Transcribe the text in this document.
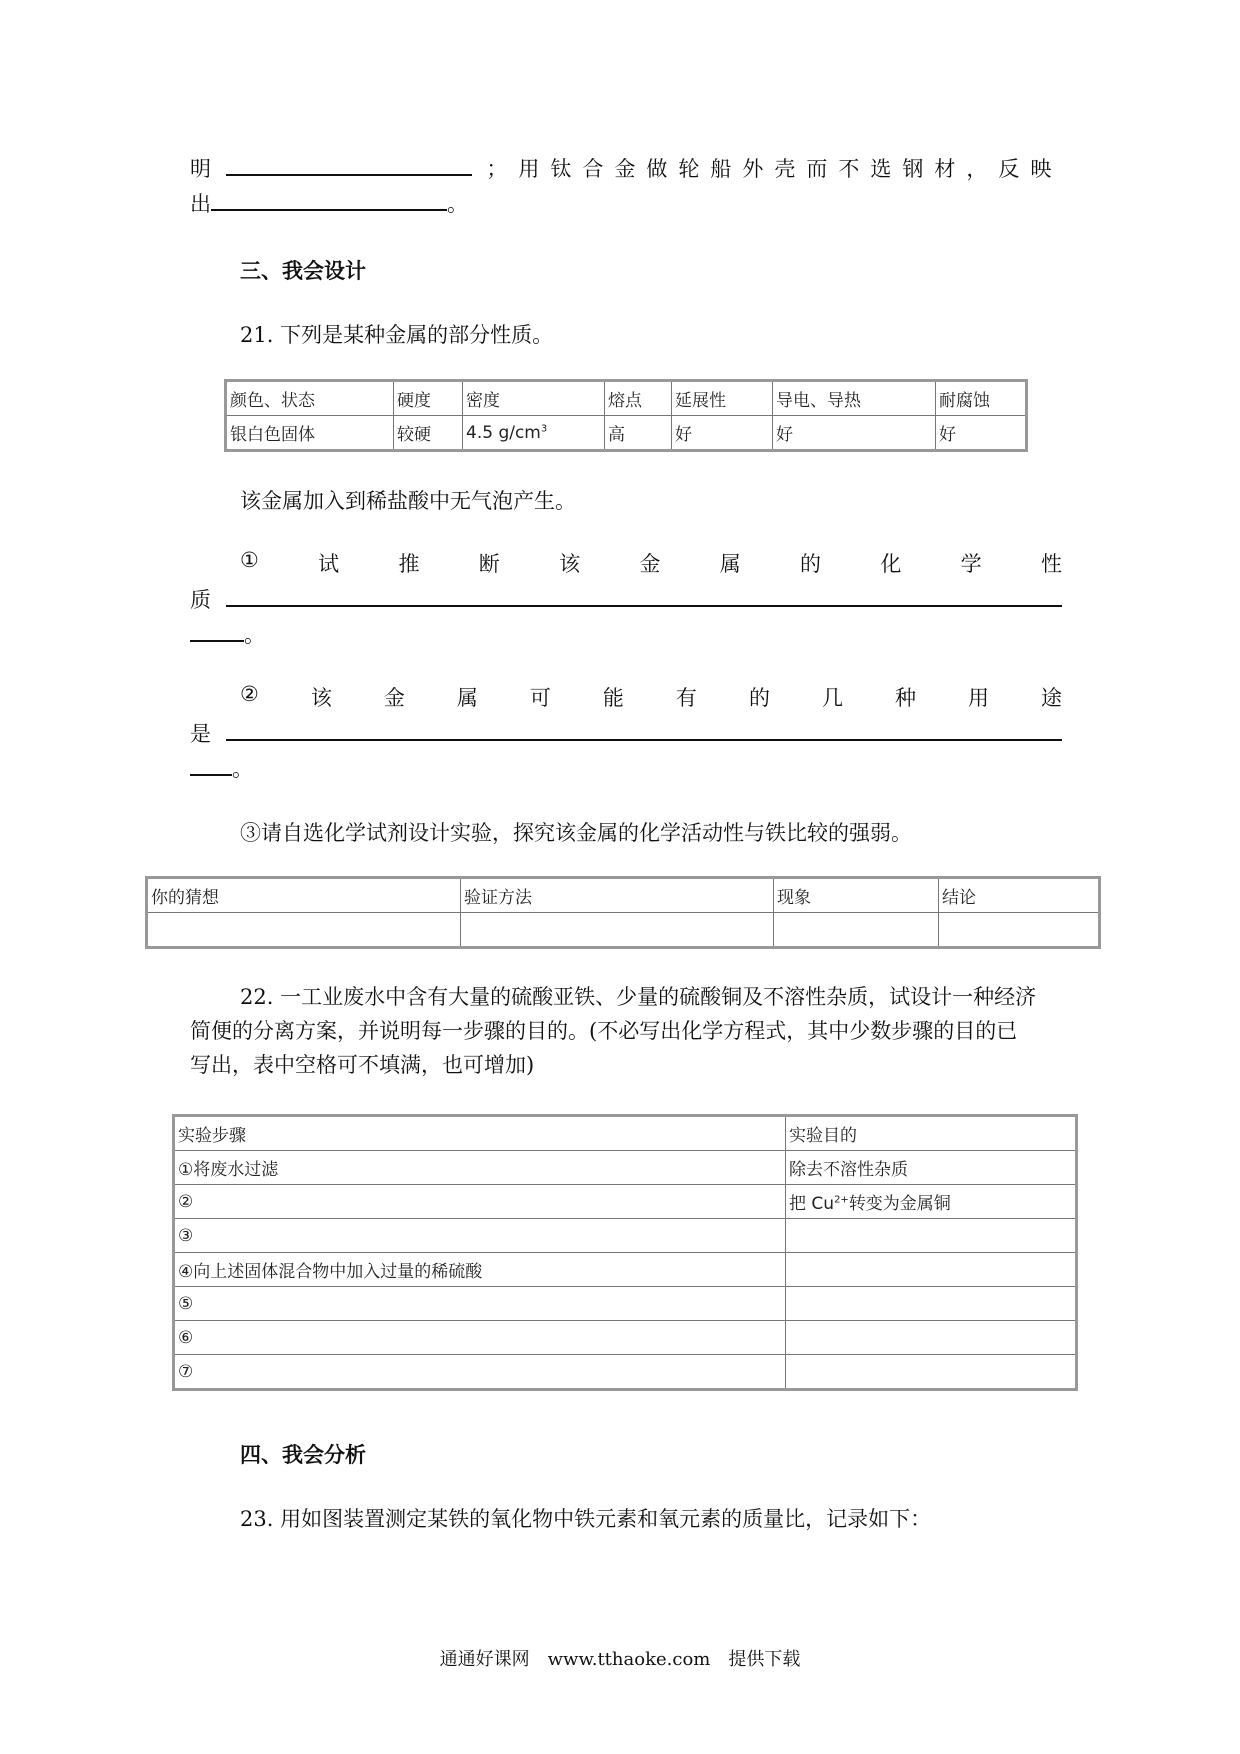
明	；用钛合金做轮船外壳而不选钢材，反映
出	。
三、我会设计
21. 下列是某种金属的部分性质。
颜色、状态	硬度	密度	熔点	延展性	导电、导热	耐腐蚀
银白色固体	较硬	4.5 $g/cm^3$	高	好	好	好
该金属加入到稀盐酸中无气泡产生。
①	试	推	断	该	金	属	的	化	学	性
质
。
② 该 金 属 可 能 有 的 几 种 用 途
是
。
③请自选化学试剂设计实验，探究该金属的化学活动性与铁比较的强弱。
你的猜想	验证方法	现象	结论

22. 一工业废水中含有大量的硫酸亚铁、少量的硫酸铜及不溶性杂质，试设计一种经济
简便的分离方案，并说明每一步骤的目的。(不必写出化学方程式，其中少数步骤的目的已
写出，表中空格可不填满，也可增加)
实验步骤	实验目的
①将废水过滤	除去不溶性杂质
②	把 $Cu^{2+}$转变为金属铜
③	
④向上述固体混合物中加入过量的稀硫酸	
⑤	
⑥	
⑦	
四、我会分析
23. 用如图装置测定某铁的氧化物中铁元素和氧元素的质量比，记录如下：
通通好课网　www.tthaoke.com　提供下载
